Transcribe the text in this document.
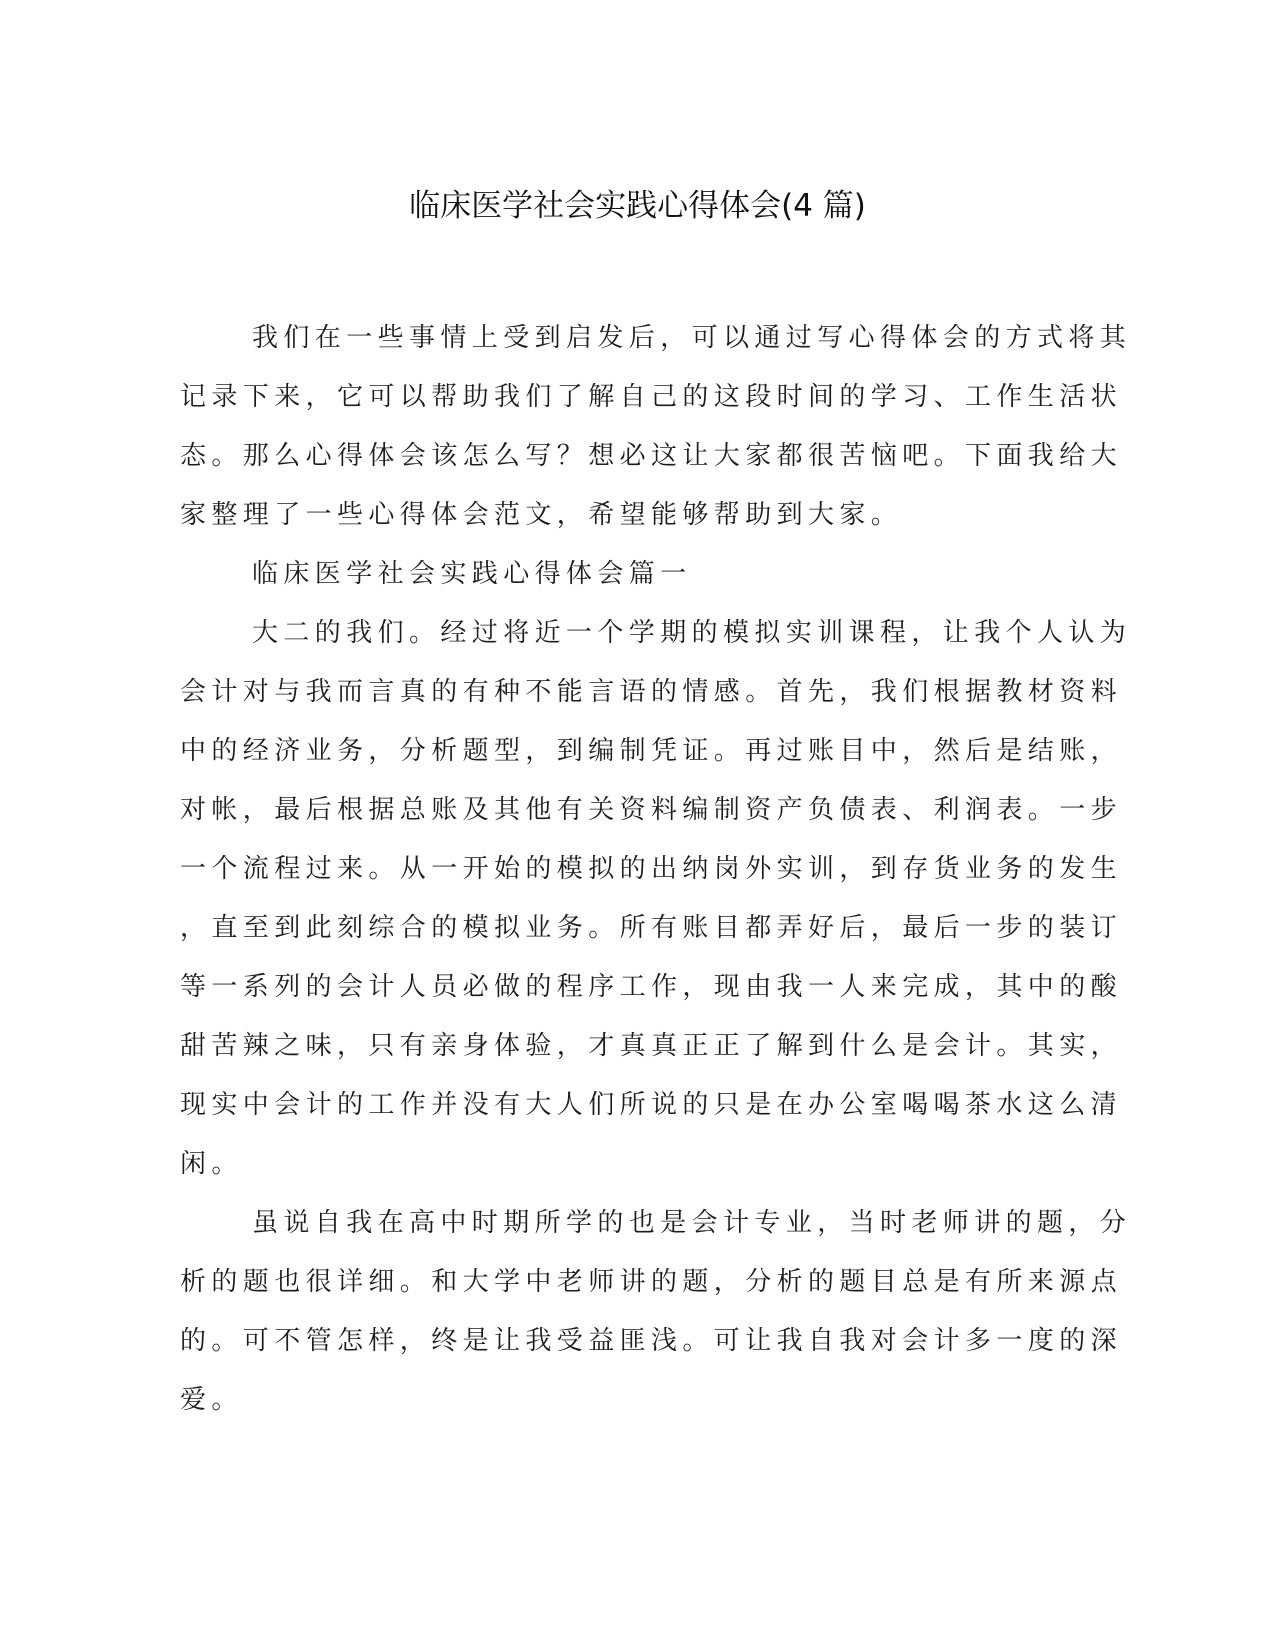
临床医学社会实践心得体会(4 篇)
我们在一些事情上受到启发后，可以通过写心得体会的方式将其
记录下来，它可以帮助我们了解自己的这段时间的学习、工作生活状
态。那么心得体会该怎么写？想必这让大家都很苦恼吧。下面我给大
家整理了一些心得体会范文，希望能够帮助到大家。
临床医学社会实践心得体会篇一
大二的我们。经过将近一个学期的模拟实训课程，让我个人认为
会计对与我而言真的有种不能言语的情感。首先，我们根据教材资料
中的经济业务，分析题型，到编制凭证。再过账目中，然后是结账，
对帐，最后根据总账及其他有关资料编制资产负债表、利润表。一步
一个流程过来。从一开始的模拟的出纳岗外实训，到存货业务的发生
，直至到此刻综合的模拟业务。所有账目都弄好后，最后一步的装订
等一系列的会计人员必做的程序工作，现由我一人来完成，其中的酸
甜苦辣之味，只有亲身体验，才真真正正了解到什么是会计。其实，
现实中会计的工作并没有大人们所说的只是在办公室喝喝茶水这么清
闲。
虽说自我在高中时期所学的也是会计专业，当时老师讲的题，分
析的题也很详细。和大学中老师讲的题，分析的题目总是有所来源点
的。可不管怎样，终是让我受益匪浅。可让我自我对会计多一度的深
爱。
